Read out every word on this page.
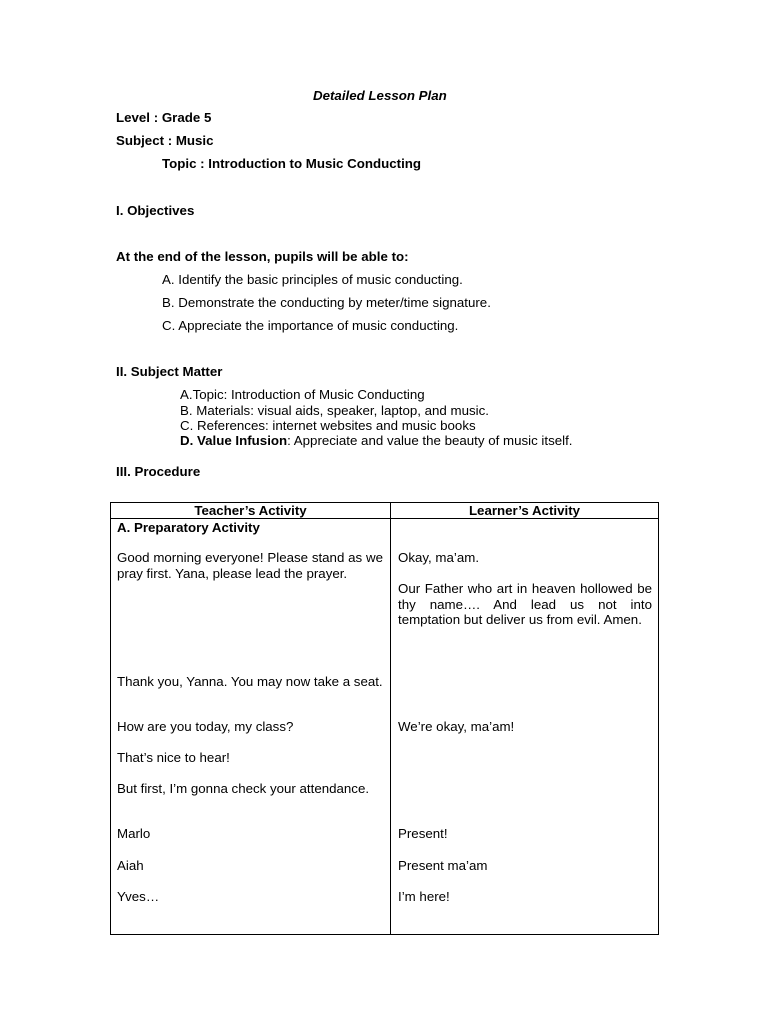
Detailed Lesson Plan
Level : Grade 5
Subject : Music
Topic : Introduction to Music Conducting
I. Objectives
At the end of the lesson, pupils will be able to:
A. Identify the basic principles of music conducting.
B. Demonstrate the conducting by meter/time signature.
C. Appreciate the importance of music conducting.
II. Subject Matter
A.Topic: Introduction of Music Conducting
B. Materials: visual aids, speaker, laptop, and music.
C. References: internet websites and music books
D. Value Infusion: Appreciate and value the beauty of music itself.
III. Procedure
Teacher’s Activity	Learner’s Activity
A. Preparatory Activity
Good morning everyone! Please stand as we pray first. Yana, please lead the prayer.
Thank you, Yanna. You may now take a seat.
How are you today, my class?
That’s nice to hear!
But first, I’m gonna check your attendance.
Marlo
Aiah
Yves…
Okay, ma’am.
Our Father who art in heaven hollowed be thy name…. And lead us not into temptation but deliver us from evil. Amen.
We’re okay, ma’am!
Present!
Present ma’am
I’m here!
